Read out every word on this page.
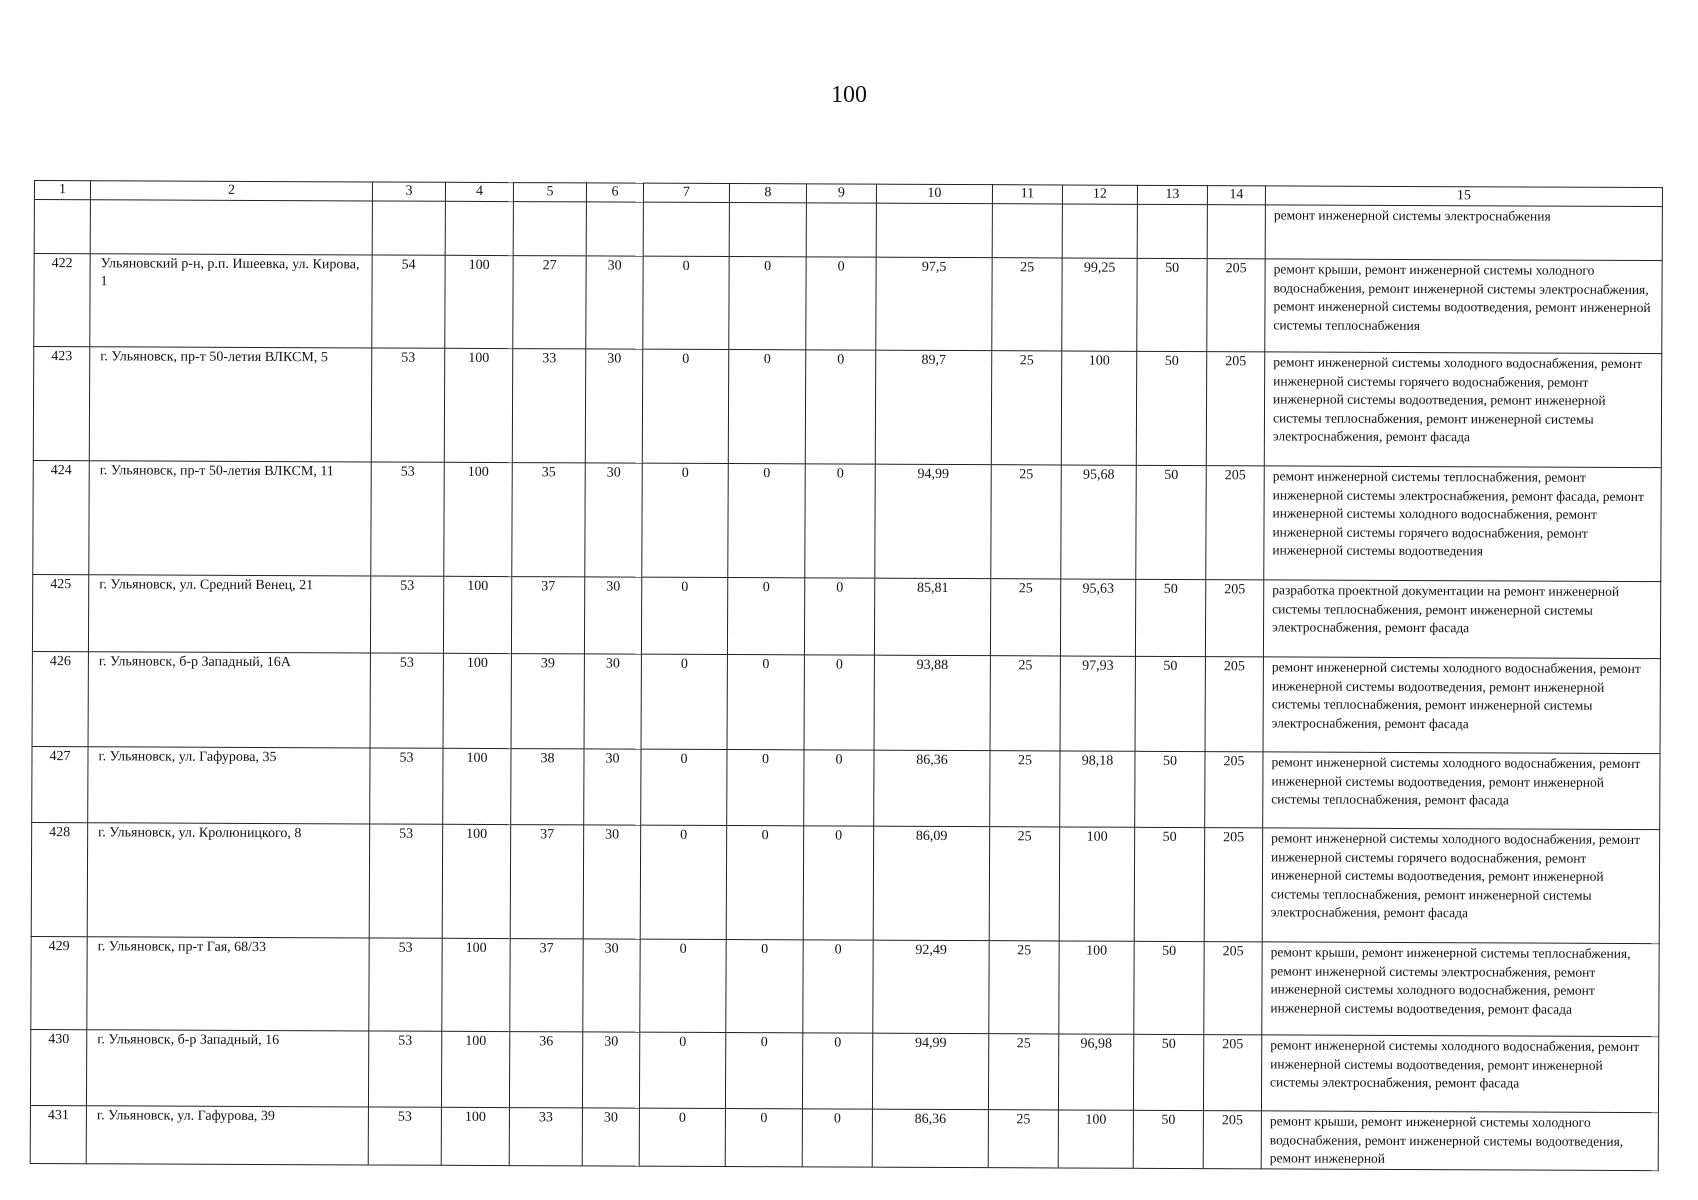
100
1	2	3	4	5	6	7	8	9	10	11	12	13	14	15
														ремонт инженерной системы электроснабжения
422	Ульяновский р-н, р.п. Ишеевка, ул. Кирова, 1	54	100	27	30	0	0	0	97,5	25	99,25	50	205	ремонт крыши, ремонт инженерной системы холодного водоснабжения, ремонт инженерной системы электроснабжения, ремонт инженерной системы водоотведения, ремонт инженерной системы теплоснабжения
423	г. Ульяновск, пр-т 50-летия ВЛКСМ, 5	53	100	33	30	0	0	0	89,7	25	100	50	205	ремонт инженерной системы холодного водоснабжения, ремонт инженерной системы горячего водоснабжения, ремонт инженерной системы водоотведения, ремонт инженерной системы теплоснабжения, ремонт инженерной системы электроснабжения, ремонт фасада
424	г. Ульяновск, пр-т 50-летия ВЛКСМ, 11	53	100	35	30	0	0	0	94,99	25	95,68	50	205	ремонт инженерной системы теплоснабжения, ремонт инженерной системы электроснабжения, ремонт фасада, ремонт инженерной системы холодного водоснабжения, ремонт инженерной системы горячего водоснабжения, ремонт инженерной системы водоотведения
425	г. Ульяновск, ул. Средний Венец, 21	53	100	37	30	0	0	0	85,81	25	95,63	50	205	разработка проектной документации на ремонт инженерной системы теплоснабжения, ремонт инженерной системы электроснабжения, ремонт фасада
426	г. Ульяновск, б-р Западный, 16А	53	100	39	30	0	0	0	93,88	25	97,93	50	205	ремонт инженерной системы холодного водоснабжения, ремонт инженерной системы водоотведения, ремонт инженерной системы теплоснабжения, ремонт инженерной системы электроснабжения, ремонт фасада
427	г. Ульяновск, ул. Гафурова, 35	53	100	38	30	0	0	0	86,36	25	98,18	50	205	ремонт инженерной системы холодного водоснабжения, ремонт инженерной системы водоотведения, ремонт инженерной системы теплоснабжения, ремонт фасада
428	г. Ульяновск, ул. Кролюницкого, 8	53	100	37	30	0	0	0	86,09	25	100	50	205	ремонт инженерной системы холодного водоснабжения, ремонт инженерной системы горячего водоснабжения, ремонт инженерной системы водоотведения, ремонт инженерной системы теплоснабжения, ремонт инженерной системы электроснабжения, ремонт фасада
429	г. Ульяновск, пр-т Гая, 68/33	53	100	37	30	0	0	0	92,49	25	100	50	205	ремонт крыши, ремонт инженерной системы теплоснабжения, ремонт инженерной системы электроснабжения, ремонт инженерной системы холодного водоснабжения, ремонт инженерной системы водоотведения, ремонт фасада
430	г. Ульяновск, б-р Западный, 16	53	100	36	30	0	0	0	94,99	25	96,98	50	205	ремонт инженерной системы холодного водоснабжения, ремонт инженерной системы водоотведения, ремонт инженерной системы электроснабжения, ремонт фасада
431	г. Ульяновск, ул. Гафурова, 39	53	100	33	30	0	0	0	86,36	25	100	50	205	ремонт крыши, ремонт инженерной системы холодного водоснабжения, ремонт инженерной системы водоотведения, ремонт инженерной
